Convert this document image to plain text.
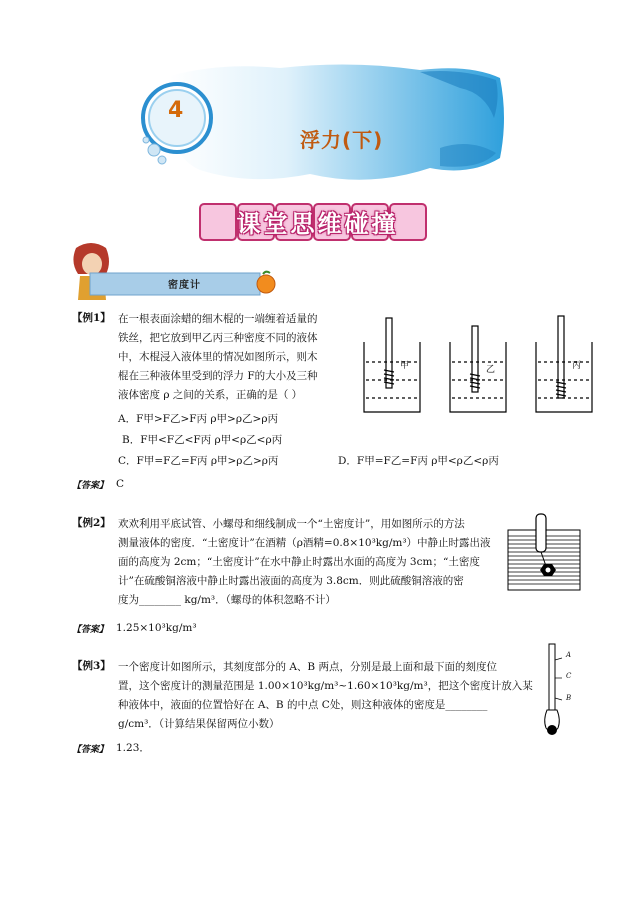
4
浮力(下)
课堂思维碰撞
密度计
【例1】 在一根表面涂蜡的细木棍的一端缠着适量的
铁丝，把它放到甲乙丙三种密度不同的液体
中，木棍浸入液体里的情况如图所示，则木
棍在三种液体里受到的浮力 F的大小及三种
液体密度 ρ 之间的关系，正确的是（ ）
A．F甲>F乙>F丙 ρ甲>ρ乙>ρ丙
B．F甲<F乙<F丙 ρ甲<ρ乙<ρ丙
C．F甲=F乙=F丙 ρ甲>ρ乙>ρ丙	D．F甲=F乙=F丙 ρ甲<ρ乙<ρ丙
甲	乙	丙
【答案】 C
【例2】 欢欢利用平底试管、小螺母和细线制成一个“土密度计”，用如图所示的方法
测量液体的密度．“土密度计”在酒精（ρ酒精=0.8×10³kg/m³）中静止时露出液
面的高度为 2cm；“土密度计”在水中静止时露出水面的高度为 3cm；“土密度
计”在硫酸铜溶液中静止时露出液面的高度为 3.8cm．则此硫酸铜溶液的密
度为________ kg/m³．（螺母的体积忽略不计）
【答案】 1.25×10³kg/m³
【例3】 一个密度计如图所示，其刻度部分的 A、B 两点，分别是最上面和最下面的刻度位
置，这个密度计的测量范围是 1.00×10³kg/m³~1.60×10³kg/m³，把这个密度计放入某
种液体中，液面的位置恰好在 A、B 的中点 C处，则这种液体的密度是________
g/cm³．（计算结果保留两位小数）
A
C
B
【答案】 1.23．
